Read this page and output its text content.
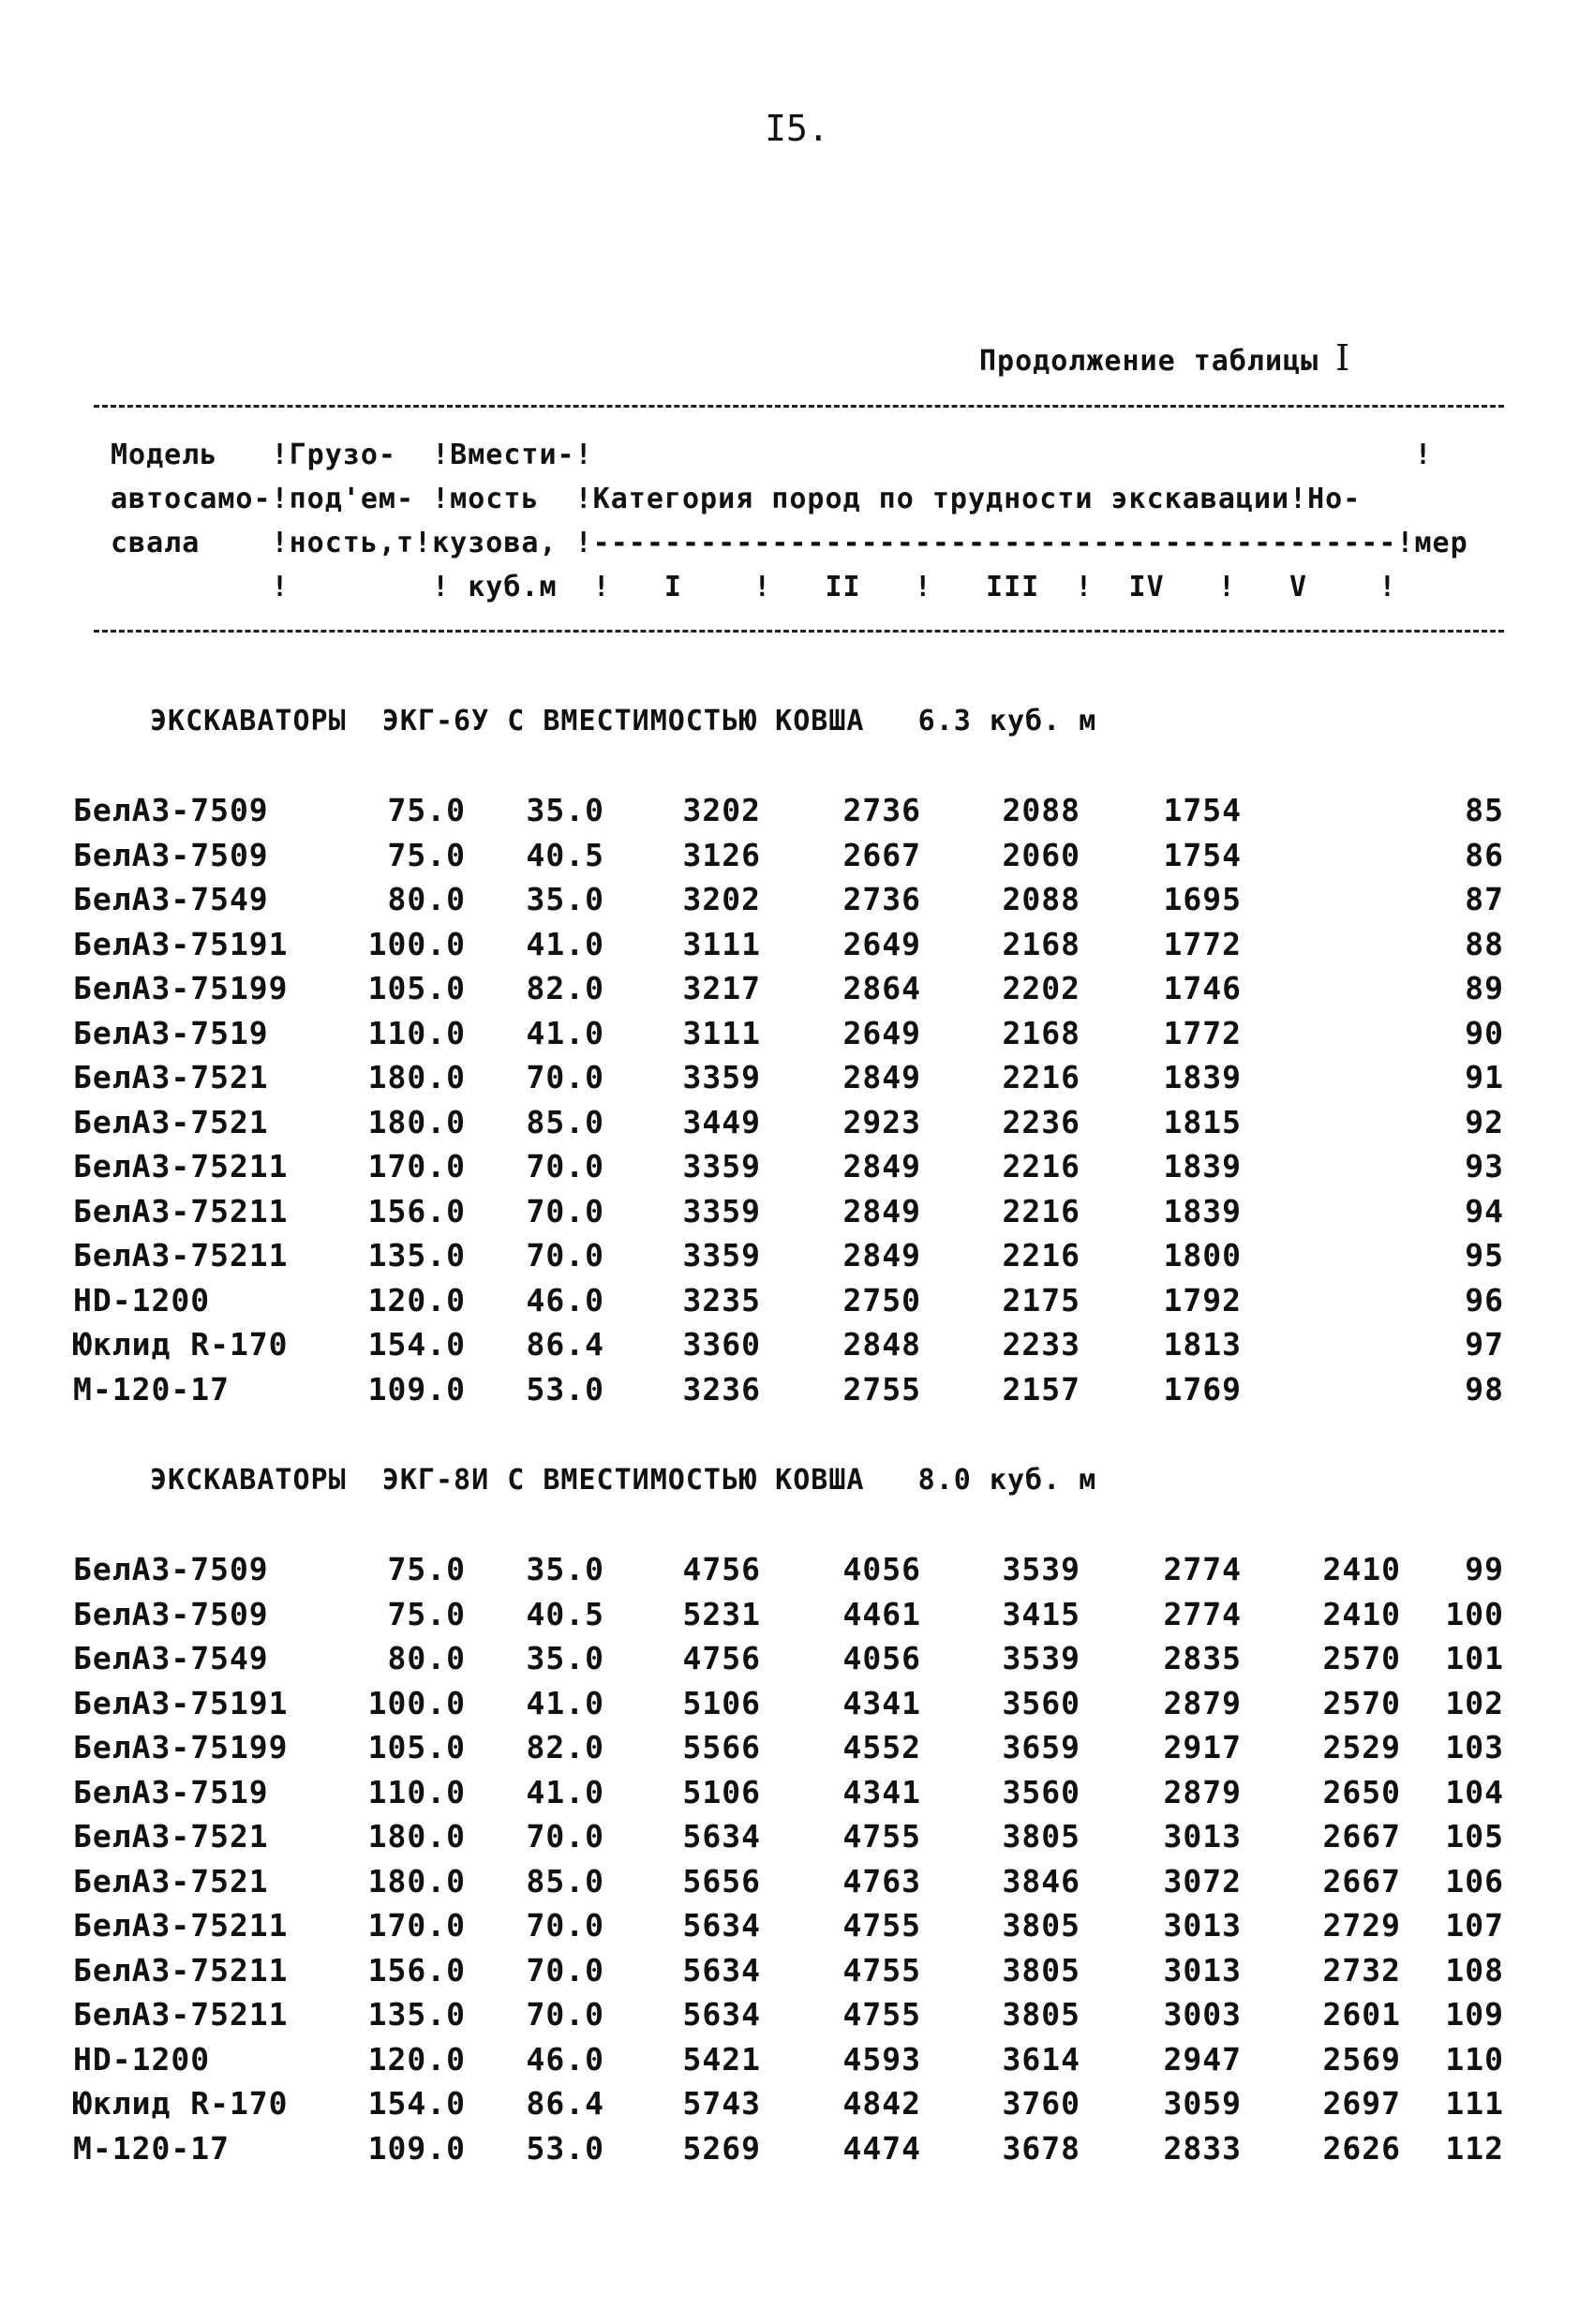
I5.
Продолжение таблицы I
Модель   !Грузо-  !Вмести-!                                              !
автосамо-!под'ем- !мость  !Категория пород по трудности экскавации!Но-
свала    !ность,т!кузова, !---------------------------------------------!мер
!        ! куб.м  !   I    !   II   !   III  !  IV   !   V    !
ЭКСКАВАТОРЫ  ЭКГ-6У С ВМЕСТИМОСТЬЮ КОВША   6.3 куб. м
БелАЗ-7509	75.0 35.0	3202	2736	2088	1754	85
БелАЗ-7509	75.0 40.5	3126	2667	2060	1754	86
БелАЗ-7549	80.0 35.0	3202	2736	2088	1695	87
БелАЗ-75191	100.0 41.0	3111	2649	2168	1772	88
БелАЗ-75199	105.0 82.0	3217	2864	2202	1746	89
БелАЗ-7519	110.0 41.0	3111	2649	2168	1772	90
БелАЗ-7521	180.0 70.0	3359	2849	2216	1839	91
БелАЗ-7521	180.0 85.0	3449	2923	2236	1815	92
БелАЗ-75211	170.0 70.0	3359	2849	2216	1839	93
БелАЗ-75211	156.0 70.0	3359	2849	2216	1839	94
БелАЗ-75211	135.0 70.0	3359	2849	2216	1800	95
HD-1200	120.0 46.0	3235	2750	2175	1792	96
Юклид R-170	154.0 86.4	3360	2848	2233	1813	97
М-120-17	109.0 53.0	3236	2755	2157	1769	98
ЭКСКАВАТОРЫ  ЭКГ-8И С ВМЕСТИМОСТЬЮ КОВША   8.0 куб. м
БелАЗ-7509	75.0 35.0	4756	4056	3539	2774	2410 99
БелАЗ-7509	75.0 40.5	5231	4461	3415	2774	2410 100
БелАЗ-7549	80.0 35.0	4756	4056	3539	2835	2570 101
БелАЗ-75191	100.0 41.0	5106	4341	3560	2879	2570 102
БелАЗ-75199	105.0 82.0	5566	4552	3659	2917	2529 103
БелАЗ-7519	110.0 41.0	5106	4341	3560	2879	2650 104
БелАЗ-7521	180.0 70.0	5634	4755	3805	3013	2667 105
БелАЗ-7521	180.0 85.0	5656	4763	3846	3072	2667 106
БелАЗ-75211	170.0 70.0	5634	4755	3805	3013	2729 107
БелАЗ-75211	156.0 70.0	5634	4755	3805	3013	2732 108
БелАЗ-75211	135.0 70.0	5634	4755	3805	3003	2601 109
HD-1200	120.0 46.0	5421	4593	3614	2947	2569 110
Юклид R-170	154.0 86.4	5743	4842	3760	3059	2697 111
М-120-17	109.0 53.0	5269	4474	3678	2833	2626 112
